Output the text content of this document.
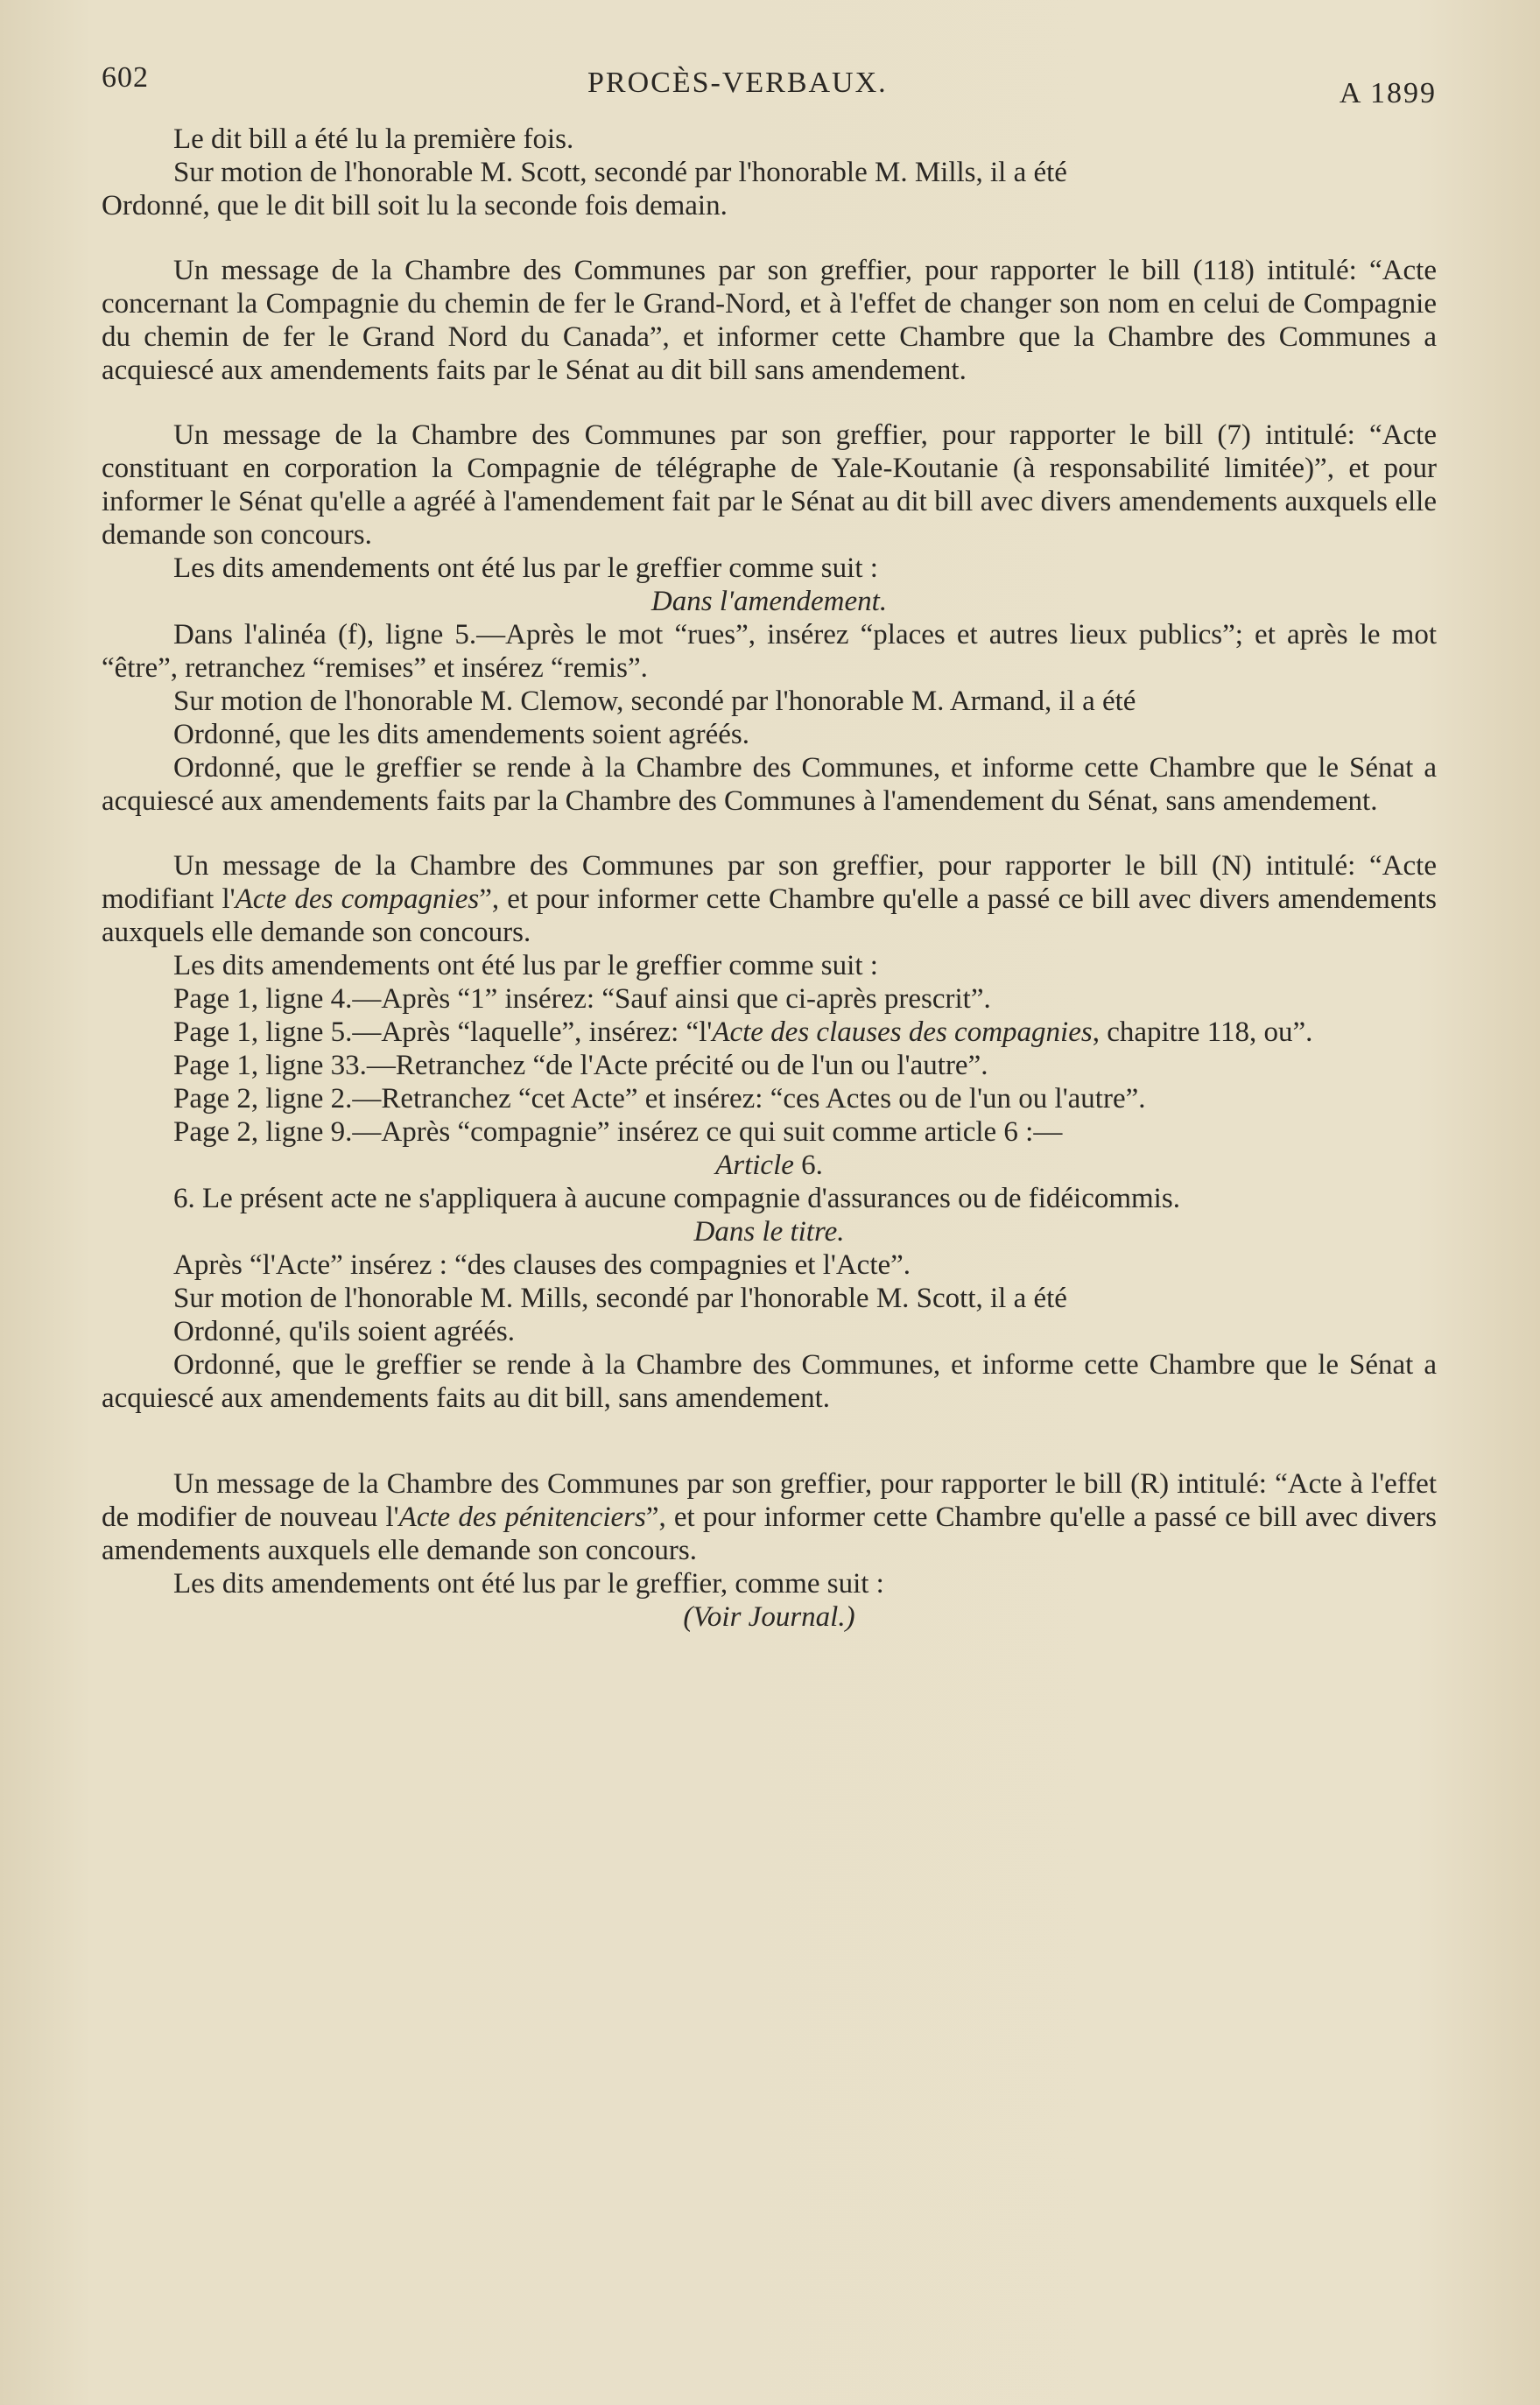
602	PROCÈS-VERBAUX.	A 1899

Le dit bill a été lu la première fois.

Sur motion de l'honorable M. Scott, secondé par l'honorable M. Mills, il a été

Ordonné, que le dit bill soit lu la seconde fois demain.

Un message de la Chambre des Communes par son greffier, pour rapporter le bill (118) intitulé: “Acte concernant la Compagnie du chemin de fer le Grand-Nord, et à l'effet de changer son nom en celui de Compagnie du chemin de fer le Grand Nord du Canada”, et informer cette Chambre que la Chambre des Communes a acquiescé aux amendements faits par le Sénat au dit bill sans amendement.

Un message de la Chambre des Communes par son greffier, pour rapporter le bill (7) intitulé: “Acte constituant en corporation la Compagnie de télégraphe de Yale-Koutanie (à responsabilité limitée)”, et pour informer le Sénat qu'elle a agréé à l'amendement fait par le Sénat au dit bill avec divers amendements auxquels elle demande son concours.

Les dits amendements ont été lus par le greffier comme suit :

Dans l'amendement.

Dans l'alinéa (f), ligne 5.—Après le mot “rues”, insérez “places et autres lieux publics”; et après le mot “être”, retranchez “remises” et insérez “remis”.

Sur motion de l'honorable M. Clemow, secondé par l'honorable M. Armand, il a été

Ordonné, que les dits amendements soient agréés.

Ordonné, que le greffier se rende à la Chambre des Communes, et informe cette Chambre que le Sénat a acquiescé aux amendements faits par la Chambre des Communes à l'amendement du Sénat, sans amendement.

Un message de la Chambre des Communes par son greffier, pour rapporter le bill (N) intitulé: “Acte modifiant l'Acte des compagnies”, et pour informer cette Chambre qu'elle a passé ce bill avec divers amendements auxquels elle demande son concours.

Les dits amendements ont été lus par le greffier comme suit :

Page 1, ligne 4.—Après “1” insérez: “Sauf ainsi que ci-après prescrit”.

Page 1, ligne 5.—Après “laquelle”, insérez: “l'Acte des clauses des compagnies, chapitre 118, ou”.

Page 1, ligne 33.—Retranchez “de l'Acte précité ou de l'un ou l'autre”.

Page 2, ligne 2.—Retranchez “cet Acte” et insérez: “ces Actes ou de l'un ou l'autre”.

Page 2, ligne 9.—Après “compagnie” insérez ce qui suit comme article 6 :—

Article 6.

6. Le présent acte ne s'appliquera à aucune compagnie d'assurances ou de fidéicommis.

Dans le titre.

Après “l'Acte” insérez : “des clauses des compagnies et l'Acte”.

Sur motion de l'honorable M. Mills, secondé par l'honorable M. Scott, il a été

Ordonné, qu'ils soient agréés.

Ordonné, que le greffier se rende à la Chambre des Communes, et informe cette Chambre que le Sénat a acquiescé aux amendements faits au dit bill, sans amendement.

Un message de la Chambre des Communes par son greffier, pour rapporter le bill (R) intitulé: “Acte à l'effet de modifier de nouveau l'Acte des pénitenciers”, et pour informer cette Chambre qu'elle a passé ce bill avec divers amendements auxquels elle demande son concours.

Les dits amendements ont été lus par le greffier, comme suit :

(Voir Journal.)
